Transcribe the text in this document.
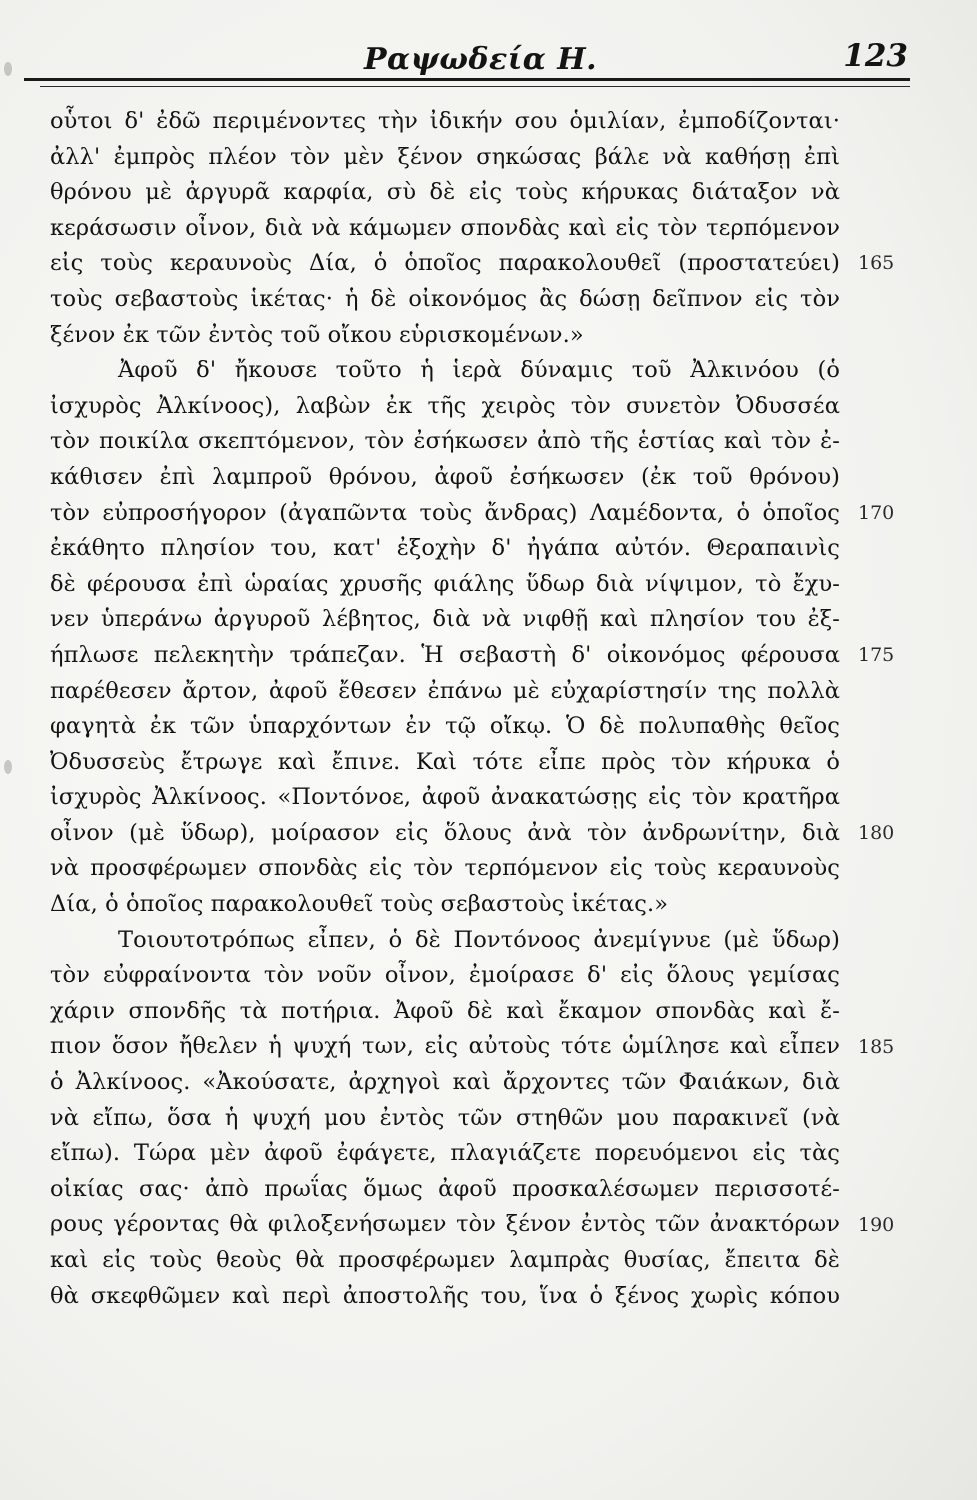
Ραψωδεία Η.	123
οὗτοι δ' ἐδῶ περιμένοντες τὴν ἰδικήν σου ὁμιλίαν, ἐμποδίζονται·
ἀλλ' ἐμπρὸς πλέον τὸν μὲν ξένον σηκώσας βάλε νὰ καθήσῃ ἐπὶ
θρόνου μὲ ἀργυρᾶ καρφία, σὺ δὲ εἰς τοὺς κήρυκας διάταξον νὰ
κεράσωσιν οἶνον, διὰ νὰ κάμωμεν σπονδὰς καὶ εἰς τὸν τερπόμενον
εἰς τοὺς κεραυνοὺς Δία, ὁ ὁποῖος παρακολουθεῖ (προστατεύει)
τοὺς σεβαστοὺς ἱκέτας· ἡ δὲ οἰκονόμος ἂς δώσῃ δεῖπνον εἰς τὸν
ξένον ἐκ τῶν ἐντὸς τοῦ οἴκου εὑρισκομένων.»
Ἀφοῦ δ' ἤκουσε τοῦτο ἡ ἱερὰ δύναμις τοῦ Ἀλκινόου (ὁ
ἰσχυρὸς Ἀλκίνοος), λαβὼν ἐκ τῆς χειρὸς τὸν συνετὸν Ὀδυσσέα
τὸν ποικίλα σκεπτόμενον, τὸν ἐσήκωσεν ἀπὸ τῆς ἑστίας καὶ τὸν ἐ-
κάθισεν ἐπὶ λαμπροῦ θρόνου, ἀφοῦ ἐσήκωσεν (ἐκ τοῦ θρόνου)
τὸν εὐπροσήγορον (ἀγαπῶντα τοὺς ἄνδρας) Λαμέδοντα, ὁ ὁποῖος
ἐκάθητο πλησίον του, κατ' ἐξοχὴν δ' ἠγάπα αὐτόν. Θεραπαινὶς
δὲ φέρουσα ἐπὶ ὡραίας χρυσῆς φιάλης ὕδωρ διὰ νίψιμον, τὸ ἔχυ-
νεν ὑπεράνω ἀργυροῦ λέβητος, διὰ νὰ νιφθῇ καὶ πλησίον του ἐξ-
ήπλωσε πελεκητὴν τράπεζαν. Ἡ σεβαστὴ δ' οἰκονόμος φέρουσα
παρέθεσεν ἄρτον, ἀφοῦ ἔθεσεν ἐπάνω μὲ εὐχαρίστησίν της πολλὰ
φαγητὰ ἐκ τῶν ὑπαρχόντων ἐν τῷ οἴκῳ. Ὁ δὲ πολυπαθὴς θεῖος
Ὀδυσσεὺς ἔτρωγε καὶ ἔπινε. Καὶ τότε εἶπε πρὸς τὸν κήρυκα ὁ
ἰσχυρὸς Ἀλκίνοος. «Ποντόνοε, ἀφοῦ ἀνακατώσῃς εἰς τὸν κρατῆρα
οἶνον (μὲ ὕδωρ), μοίρασον εἰς ὅλους ἀνὰ τὸν ἀνδρωνίτην, διὰ
νὰ προσφέρωμεν σπονδὰς εἰς τὸν τερπόμενον εἰς τοὺς κεραυνοὺς
Δία, ὁ ὁποῖος παρακολουθεῖ τοὺς σεβαστοὺς ἱκέτας.»
Τοιουτοτρόπως εἶπεν, ὁ δὲ Ποντόνοος ἀνεμίγνυε (μὲ ὕδωρ)
τὸν εὐφραίνοντα τὸν νοῦν οἶνον, ἐμοίρασε δ' εἰς ὅλους γεμίσας
χάριν σπονδῆς τὰ ποτήρια. Ἀφοῦ δὲ καὶ ἔκαμον σπονδὰς καὶ ἔ-
πιον ὅσον ἤθελεν ἡ ψυχή των, εἰς αὐτοὺς τότε ὡμίλησε καὶ εἶπεν
ὁ Ἀλκίνοος. «Ἀκούσατε, ἀρχηγοὶ καὶ ἄρχοντες τῶν Φαιάκων, διὰ
νὰ εἴπω, ὅσα ἡ ψυχή μου ἐντὸς τῶν στηθῶν μου παρακινεῖ (νὰ
εἴπω). Τώρα μὲν ἀφοῦ ἐφάγετε, πλαγιάζετε πορευόμενοι εἰς τὰς
οἰκίας σας· ἀπὸ πρωΐας ὅμως ἀφοῦ προσκαλέσωμεν περισσοτέ-
ρους γέροντας θὰ φιλοξενήσωμεν τὸν ξένον ἐντὸς τῶν ἀνακτόρων
καὶ εἰς τοὺς θεοὺς θὰ προσφέρωμεν λαμπρὰς θυσίας, ἔπειτα δὲ
θὰ σκεφθῶμεν καὶ περὶ ἀποστολῆς του, ἵνα ὁ ξένος χωρὶς κόπου
165
170
175
180
185
190
